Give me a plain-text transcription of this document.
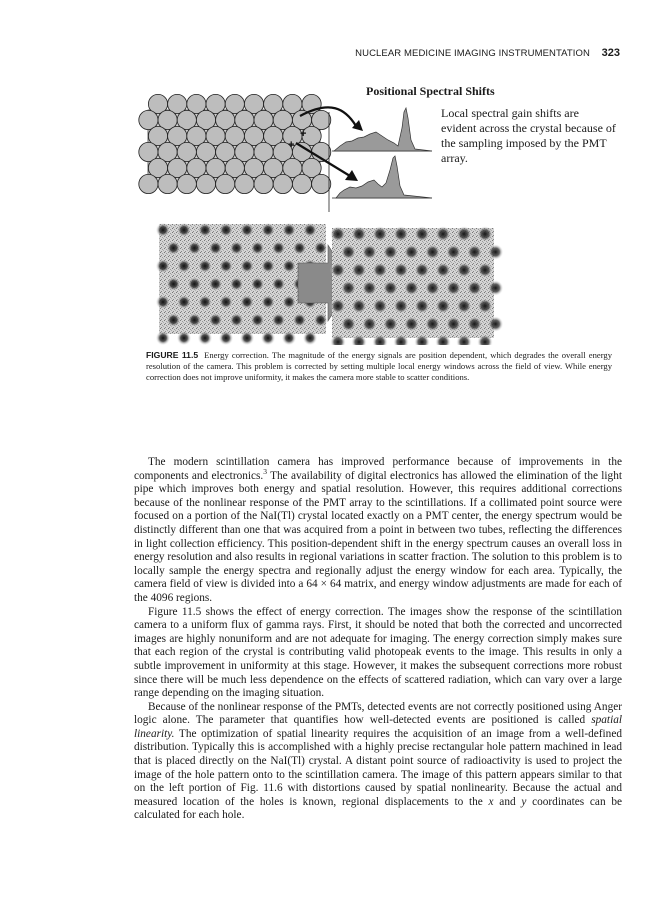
NUCLEAR MEDICINE IMAGING INSTRUMENTATION 323
+
+
Positional Spectral Shifts
Local spectral gain shifts are evident across the crystal because of the sampling imposed by the PMT array.
FIGURE 11.5 Energy correction. The magnitude of the energy signals are position dependent, which degrades the overall energy resolution of the camera. This problem is corrected by setting multiple local energy windows across the field of view. While energy correction does not improve uniformity, it makes the camera more stable to scatter conditions.

The modern scintillation camera has improved performance because of improvements in the components and electronics.$^3$ The availability of digital electronics has allowed the elimination of the light pipe which improves both energy and spatial resolution. However, this requires additional corrections because of the nonlinear response of the PMT array to the scintillations. If a collimated point source were focused on a portion of the NaI(Tl) crystal located exactly on a PMT center, the energy spectrum would be distinctly different than one that was acquired from a point in between two tubes, reflecting the differences in light collection efficiency. This position-dependent shift in the energy spectrum causes an overall loss in energy resolution and also results in regional variations in scatter fraction. The solution to this problem is to locally sample the energy spectra and regionally adjust the energy window for each area. Typically, the camera field of view is divided into a 64 × 64 matrix, and energy window adjustments are made for each of the 4096 regions.

Figure 11.5 shows the effect of energy correction. The images show the response of the scintillation camera to a uniform flux of gamma rays. First, it should be noted that both the corrected and uncorrected images are highly nonuniform and are not adequate for imaging. The energy correction simply makes sure that each region of the crystal is contributing valid photopeak events to the image. This results in only a subtle improvement in uniformity at this stage. However, it makes the subsequent corrections more robust since there will be much less dependence on the effects of scattered radiation, which can vary over a large range depending on the imaging situation.

Because of the nonlinear response of the PMTs, detected events are not correctly positioned using Anger logic alone. The parameter that quantifies how well-detected events are positioned is called spatial linearity. The optimization of spatial linearity requires the acquisition of an image from a well-defined distribution. Typically this is accomplished with a highly precise rectangular hole pattern machined in lead that is placed directly on the NaI(Tl) crystal. A distant point source of radioactivity is used to project the image of the hole pattern onto to the scintillation camera. The image of this pattern appears similar to that on the left portion of Fig. 11.6 with distortions caused by spatial nonlinearity. Because the actual and measured location of the holes is known, regional displacements to the x and y coordinates can be calculated for each hole.
